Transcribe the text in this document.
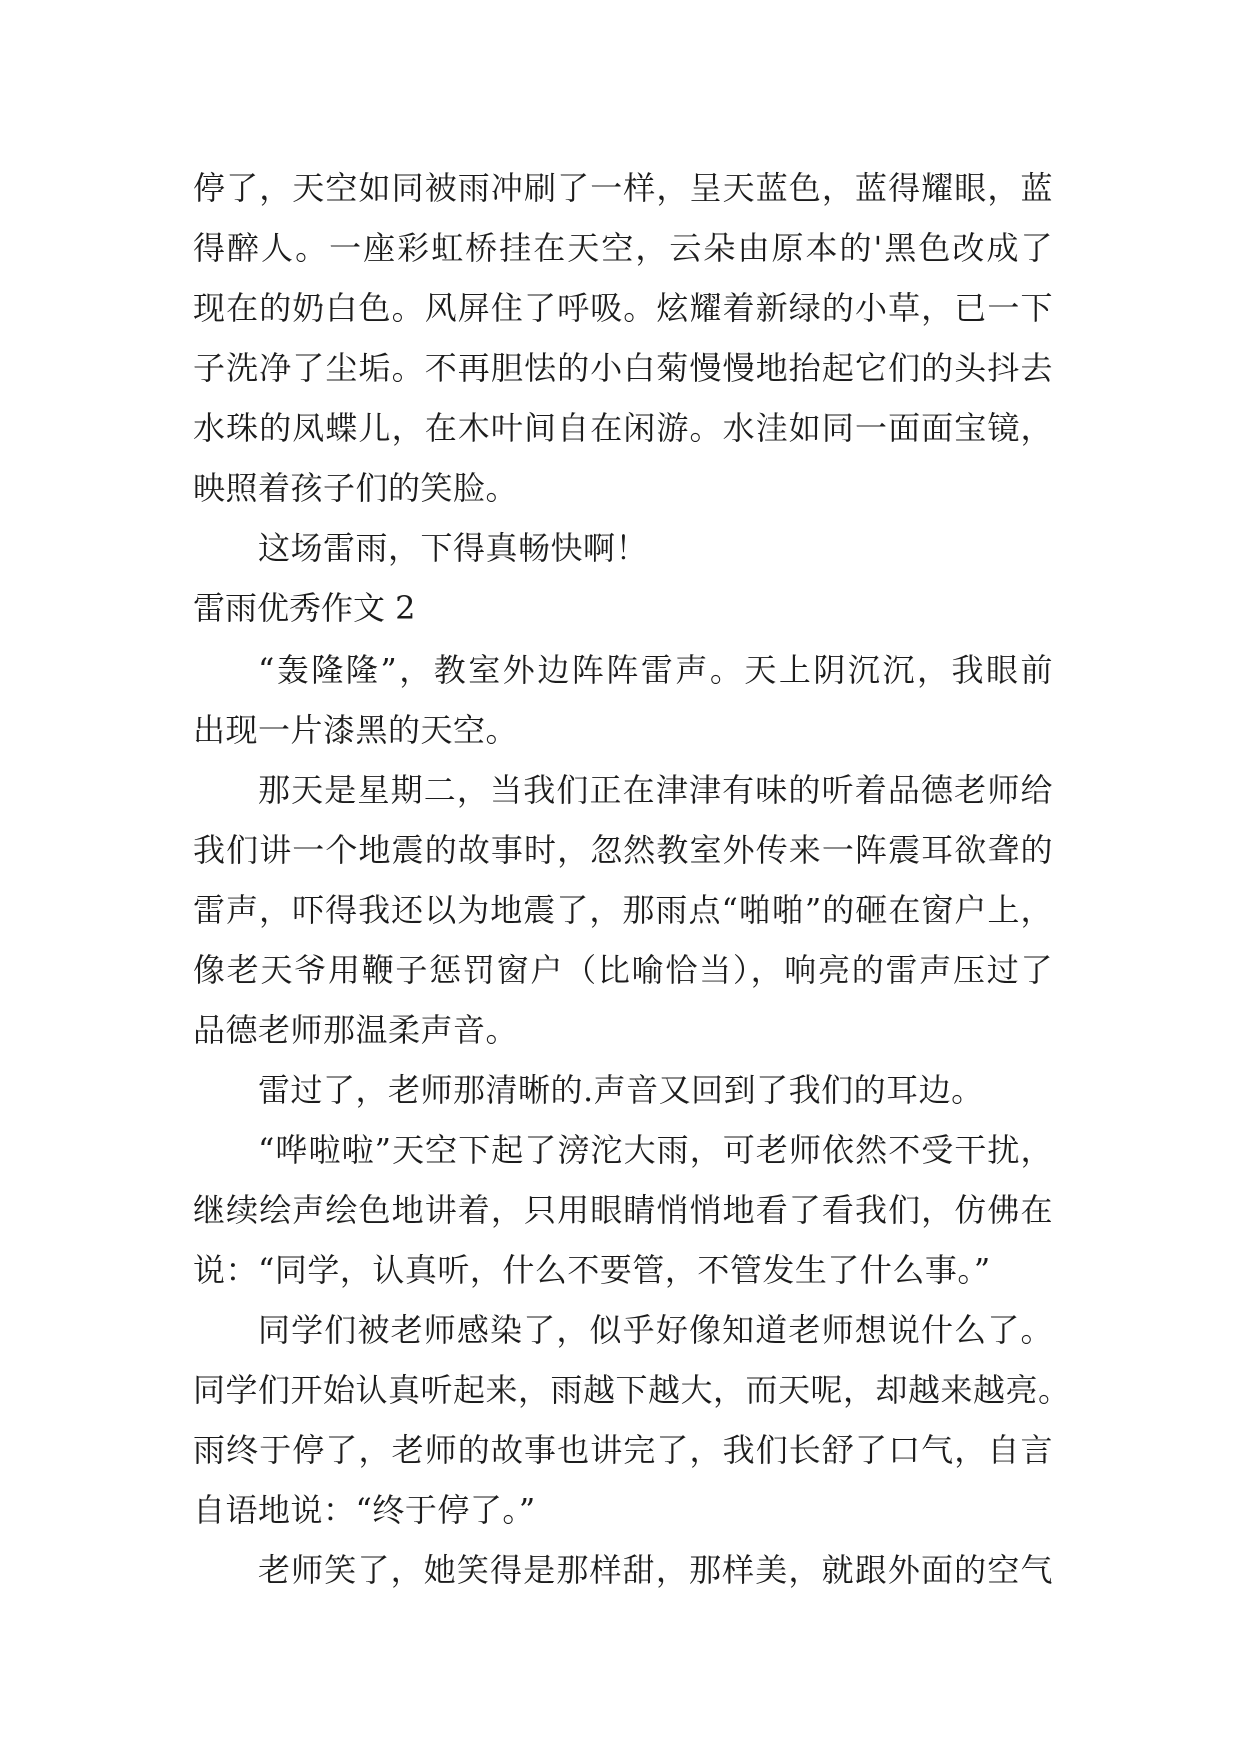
停了，天空如同被雨冲刷了一样，呈天蓝色，蓝得耀眼，蓝

得醉人。一座彩虹桥挂在天空，云朵由原本的'黑色改成了

现在的奶白色。风屏住了呼吸。炫耀着新绿的小草，已一下

子洗净了尘垢。不再胆怯的小白菊慢慢地抬起它们的头抖去

水珠的凤蝶儿，在木叶间自在闲游。水洼如同一面面宝镜，

映照着孩子们的笑脸。

这场雷雨，下得真畅快啊！

雷雨优秀作文 2

“轰隆隆”，教室外边阵阵雷声。天上阴沉沉，我眼前

出现一片漆黑的天空。

那天是星期二，当我们正在津津有味的听着品德老师给

我们讲一个地震的故事时，忽然教室外传来一阵震耳欲聋的

雷声，吓得我还以为地震了，那雨点“啪啪”的砸在窗户上，

像老天爷用鞭子惩罚窗户（比喻恰当），响亮的雷声压过了

品德老师那温柔声音。

雷过了，老师那清晰的.声音又回到了我们的耳边。

“哗啦啦”天空下起了滂沱大雨，可老师依然不受干扰，

继续绘声绘色地讲着，只用眼睛悄悄地看了看我们，仿佛在

说：“同学，认真听，什么不要管，不管发生了什么事。”

同学们被老师感染了，似乎好像知道老师想说什么了。

同学们开始认真听起来，雨越下越大，而天呢，却越来越亮。

雨终于停了，老师的故事也讲完了，我们长舒了口气，自言

自语地说：“终于停了。”

老师笑了，她笑得是那样甜，那样美，就跟外面的空气
